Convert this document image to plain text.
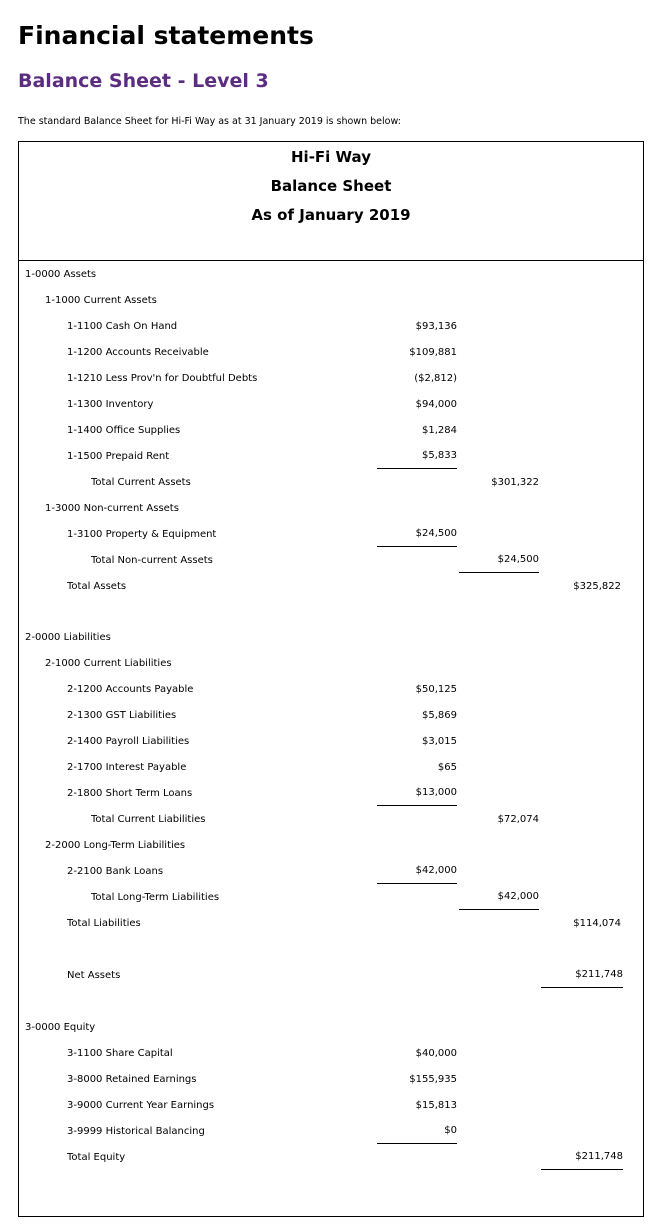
Financial statements
Balance Sheet - Level 3

The standard Balance Sheet for Hi-Fi Way as at 31 January 2019 is shown below:

Hi-Fi Way
Balance Sheet
As of January 2019
1-0000 Assets
1-1000 Current Assets
1-1100 Cash On Hand	$93,136
1-1200 Accounts Receivable	$109,881
1-1210 Less Prov'n for Doubtful Debts	($2,812)
1-1300 Inventory	$94,000
1-1400 Office Supplies	$1,284
1-1500 Prepaid Rent	$5,833
Total Current Assets	$301,322
1-3000 Non-current Assets
1-3100 Property & Equipment	$24,500
Total Non-current Assets	$24,500
Total Assets	$325,822
2-0000 Liabilities
2-1000 Current Liabilities
2-1200 Accounts Payable	$50,125
2-1300 GST Liabilities	$5,869
2-1400 Payroll Liabilities	$3,015
2-1700 Interest Payable	$65
2-1800 Short Term Loans	$13,000
Total Current Liabilities	$72,074
2-2000 Long-Term Liabilities
2-2100 Bank Loans	$42,000
Total Long-Term Liabilities	$42,000
Total Liabilities	$114,074
Net Assets	$211,748
3-0000 Equity
3-1100 Share Capital	$40,000
3-8000 Retained Earnings	$155,935
3-9000 Current Year Earnings	$15,813
3-9999 Historical Balancing	$0
Total Equity	$211,748
